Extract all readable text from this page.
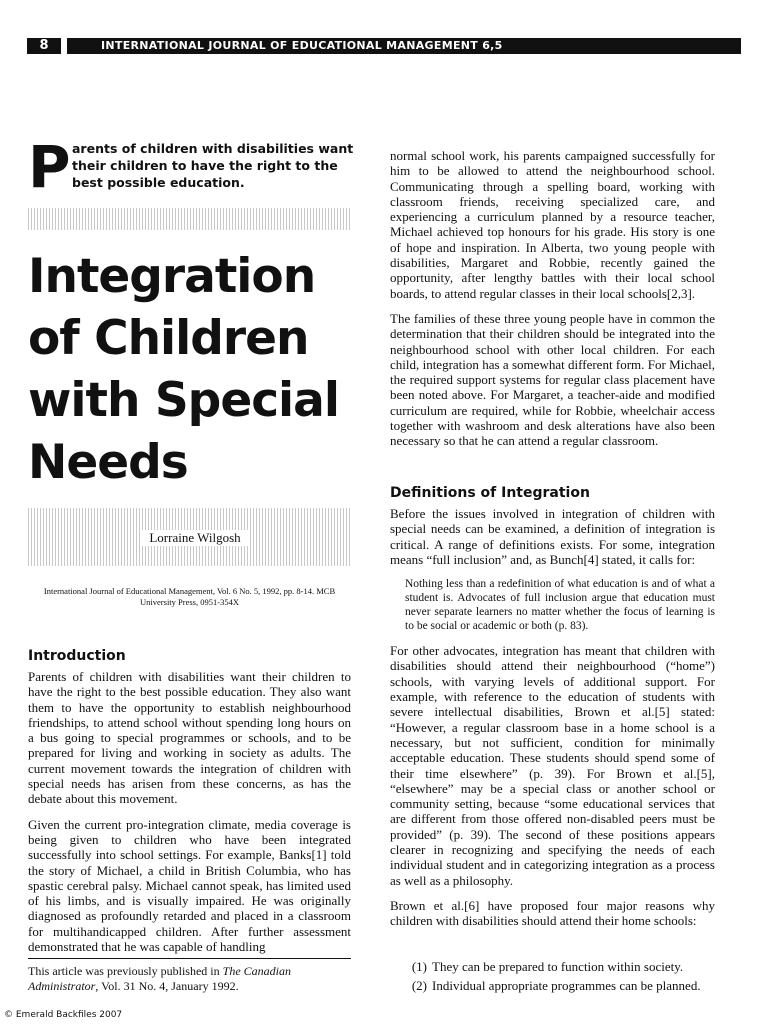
8	INTERNATIONAL JOURNAL OF EDUCATIONAL MANAGEMENT 6,5
P arents of children with disabilities want their children to have the right to the best possible education.
Integration
of Children
with Special
Needs
Lorraine Wilgosh
International Journal of Educational Management, Vol. 6 No. 5, 1992, pp. 8-14. MCB University Press, 0951-354X
Introduction

Parents of children with disabilities want their children to have the right to the best possible education. They also want them to have the opportunity to establish neighbourhood friendships, to attend school without spending long hours on a bus going to special programmes or schools, and to be prepared for living and working in society as adults. The current movement towards the integration of children with special needs has arisen from these concerns, as has the debate about this movement.

Given the current pro-integration climate, media coverage is being given to children who have been integrated successfully into school settings. For example, Banks[1] told the story of Michael, a child in British Columbia, who has spastic cerebral palsy. Michael cannot speak, has limited used of his limbs, and is visually impaired. He was originally diagnosed as profoundly retarded and placed in a classroom for multihandicapped children. After further assessment demonstrated that he was capable of handling

This article was previously published in The Canadian Administrator, Vol. 31 No. 4, January 1992.
© Emerald Backfiles 2007

normal school work, his parents campaigned successfully for him to be allowed to attend the neighbourhood school. Communicating through a spelling board, working with classroom friends, receiving specialized care, and experiencing a curriculum planned by a resource teacher, Michael achieved top honours for his grade. His story is one of hope and inspiration. In Alberta, two young people with disabilities, Margaret and Robbie, recently gained the opportunity, after lengthy battles with their local school boards, to attend regular classes in their local schools[2,3].

The families of these three young people have in common the determination that their children should be integrated into the neighbourhood school with other local children. For each child, integration has a somewhat different form. For Michael, the required support systems for regular class placement have been noted above. For Margaret, a teacher-aide and modified curriculum are required, while for Robbie, wheelchair access together with washroom and desk alterations have also been necessary so that he can attend a regular classroom.

Definitions of Integration

Before the issues involved in integration of children with special needs can be examined, a definition of integration is critical. A range of definitions exists. For some, integration means “full inclusion” and, as Bunch[4] stated, it calls for:

Nothing less than a redefinition of what education is and of what a student is. Advocates of full inclusion argue that education must never separate learners no matter whether the focus of learning is to be social or academic or both (p. 83).

For other advocates, integration has meant that children with disabilities should attend their neighbourhood (“home”) schools, with varying levels of additional support. For example, with reference to the education of students with severe intellectual disabilities, Brown et al.[5] stated: “However, a regular classroom base in a home school is a necessary, but not sufficient, condition for minimally acceptable education. These students should spend some of their time elsewhere” (p. 39). For Brown et al.[5], “elsewhere” may be a special class or another school or community setting, because “some educational services that are different from those offered non-disabled peers must be provided” (p. 39). The second of these positions appears clearer in recognizing and specifying the needs of each individual student and in categorizing integration as a process as well as a philosophy.

Brown et al.[6] have proposed four major reasons why children with disabilities should attend their home schools:

(1) They can be prepared to function within society.
(2) Individual appropriate programmes can be planned.
